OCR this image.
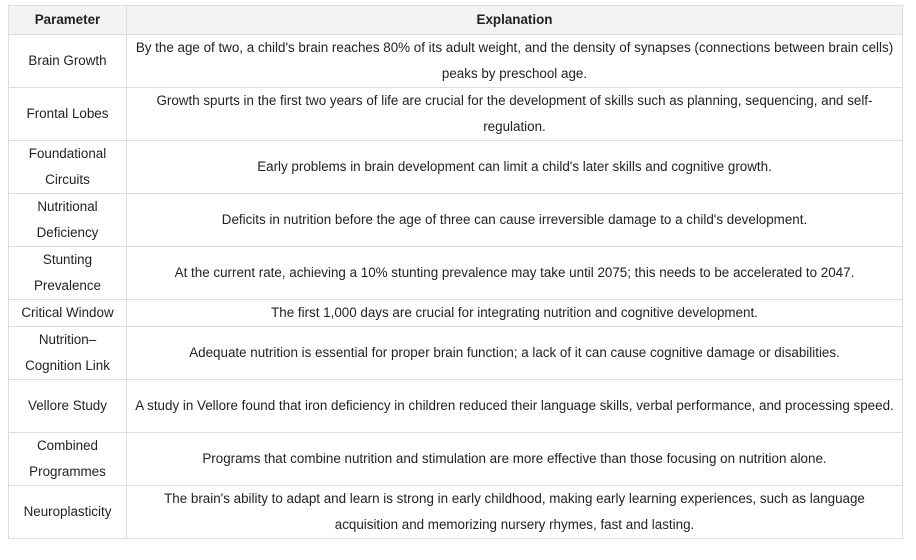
Parameter	Explanation
Brain Growth	By the age of two, a child's brain reaches 80% of its adult weight, and the density of synapses (connections between brain cells) peaks by preschool age.
Frontal Lobes	Growth spurts in the first two years of life are crucial for the development of skills such as planning, sequencing, and self-regulation.
Foundational Circuits	Early problems in brain development can limit a child's later skills and cognitive growth.
Nutritional Deficiency	Deficits in nutrition before the age of three can cause irreversible damage to a child's development.
Stunting Prevalence	At the current rate, achieving a 10% stunting prevalence may take until 2075; this needs to be accelerated to 2047.
Critical Window	The first 1,000 days are crucial for integrating nutrition and cognitive development.
Nutrition–Cognition Link	Adequate nutrition is essential for proper brain function; a lack of it can cause cognitive damage or disabilities.
Vellore Study	A study in Vellore found that iron deficiency in children reduced their language skills, verbal performance, and processing speed.
Combined Programmes	Programs that combine nutrition and stimulation are more effective than those focusing on nutrition alone.
Neuroplasticity	The brain's ability to adapt and learn is strong in early childhood, making early learning experiences, such as language acquisition and memorizing nursery rhymes, fast and lasting.
